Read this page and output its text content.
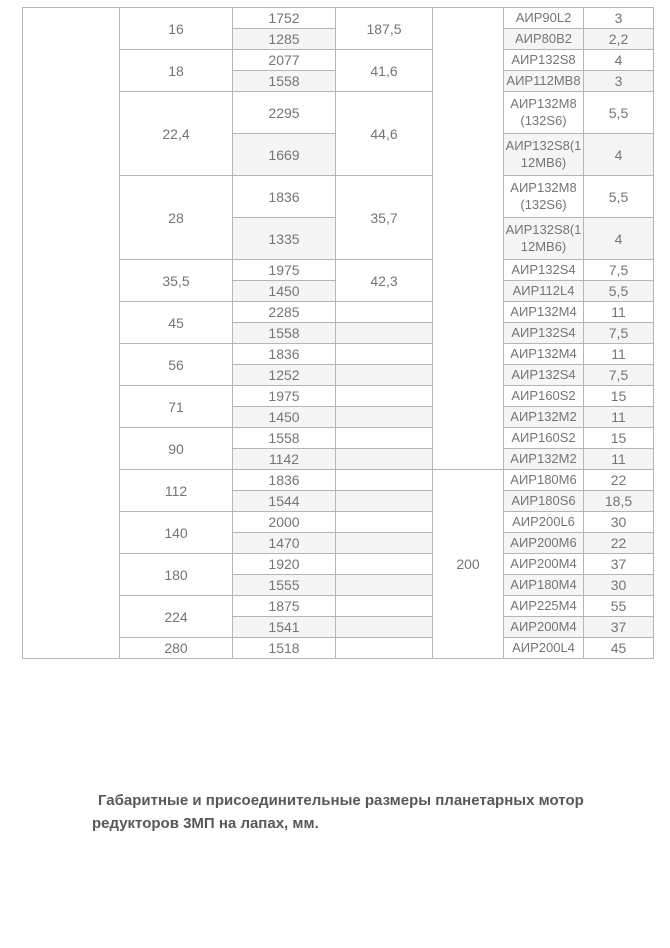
	16	1752	187,5		АИР90L2	3
		1285			АИР80B2	2,2
	18	2077	41,6		АИР132S8	4
		1558			АИР112MB8	3
	22,4	2295	44,6		АИР132M8(132S6)	5,5
		1669			АИР132S8(112MB6)	4
	28	1836	35,7		АИР132M8(132S6)	5,5
		1335			АИР132S8(112MB6)	4
	35,5	1975	42,3		АИР132S4	7,5
		1450			АИР112L4	5,5
	45	2285			АИР132M4	11
		1558			АИР132S4	7,5
	56	1836			АИР132M4	11
		1252			АИР132S4	7,5
	71	1975			АИР160S2	15
		1450			АИР132M2	11
	90	1558			АИР160S2	15
		1142			АИР132M2	11
	112	1836		200	АИР180M6	22
		1544			АИР180S6	18,5
	140	2000			АИР200L6	30
		1470			АИР200M6	22
	180	1920			АИР200M4	37
		1555			АИР180M4	30
	224	1875			АИР225M4	55
		1541			АИР200M4	37
	280	1518			АИР200L4	45
Габаритные и присоединительные размеры планетарных мотор редукторов 3МП на лапах, мм.
